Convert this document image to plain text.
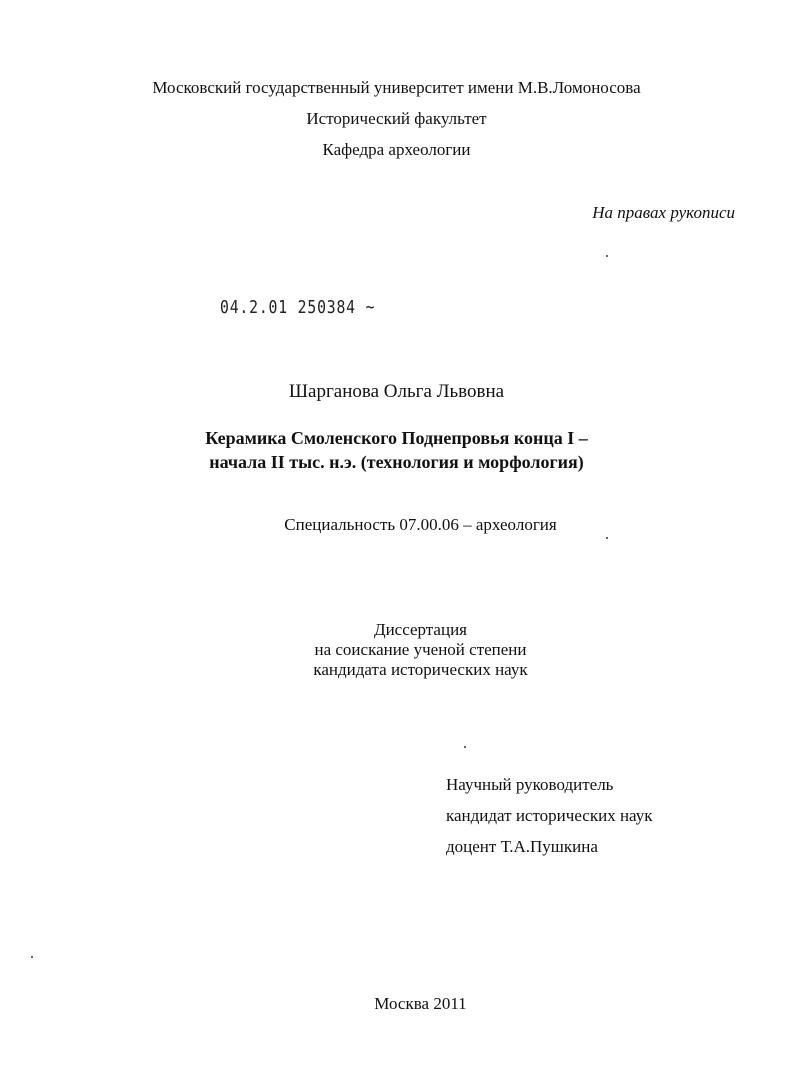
Московский государственный университет имени М.В.Ломоносова
Исторический факультет
Кафедра археологии
На правах рукописи
04.2.01 250384 ~
Шарганова Ольга Львовна
Керамика Смоленского Поднепровья конца I –
начала II тыс. н.э. (технология и морфология)
Специальность 07.00.06 – археология
Диссертация
на соискание ученой степени
кандидата исторических наук
Научный руководитель
кандидат исторических наук
доцент Т.А.Пушкина
Москва 2011
